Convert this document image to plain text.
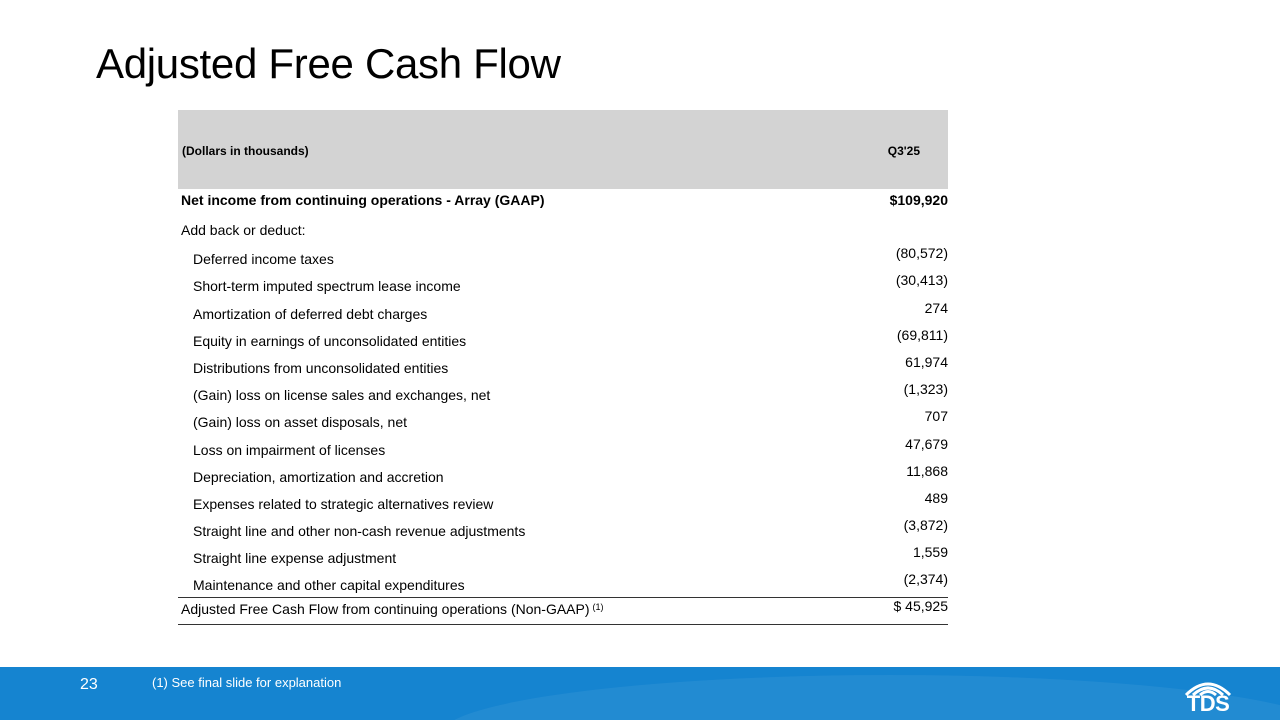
Adjusted Free Cash Flow
(Dollars in thousands)	Q3'25
Net income from continuing operations - Array (GAAP)	$109,920
Add back or deduct:
Deferred income taxes	(80,572)
Short-term imputed spectrum lease income	(30,413)
Amortization of deferred debt charges	274
Equity in earnings of unconsolidated entities	(69,811)
Distributions from unconsolidated entities	61,974
(Gain) loss on license sales and exchanges, net	(1,323)
(Gain) loss on asset disposals, net	707
Loss on impairment of licenses	47,679
Depreciation, amortization and accretion	11,868
Expenses related to strategic alternatives review	489
Straight line and other non-cash revenue adjustments	(3,872)
Straight line expense adjustment	1,559
Maintenance and other capital expenditures	(2,374)
Adjusted Free Cash Flow from continuing operations (Non-GAAP) $^{(1)}$	$ 45,925
23	(1) See final slide for explanation
TDS
